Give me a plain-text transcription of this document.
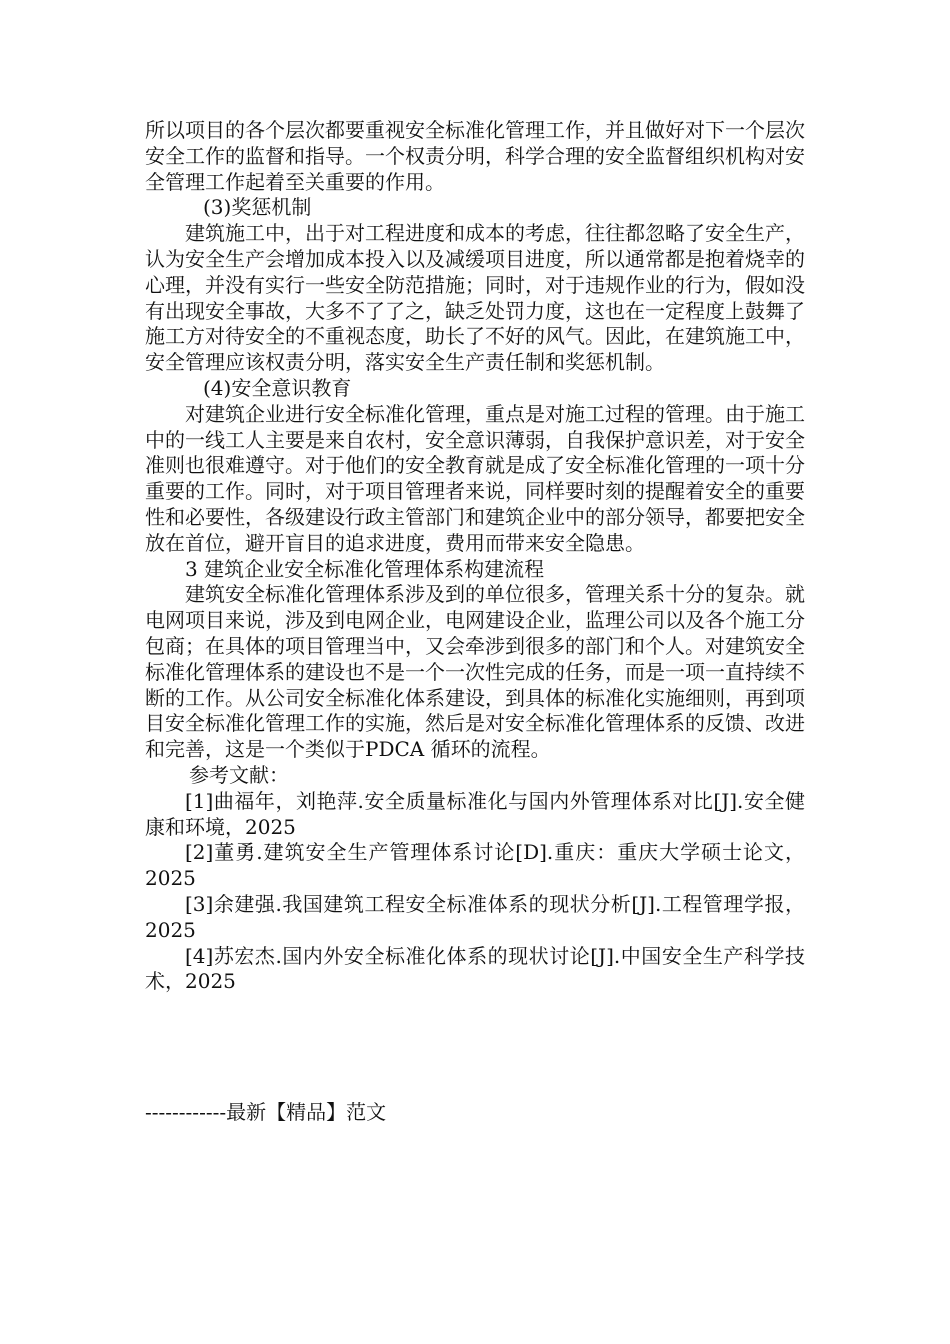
所以项目的各个层次都要重视安全标准化管理工作，并且做好对下一个层次安全工作的监督和指导。一个权责分明，科学合理的安全监督组织机构对安全管理工作起着至关重要的作用。

(3)奖惩机制

建筑施工中，出于对工程进度和成本的考虑，往往都忽略了安全生产，认为安全生产会增加成本投入以及减缓项目进度，所以通常都是抱着烧幸的心理，并没有实行一些安全防范措施；同时，对于违规作业的行为，假如没有出现安全事故，大多不了了之，缺乏处罚力度，这也在一定程度上鼓舞了施工方对待安全的不重视态度，助长了不好的风气。因此，在建筑施工中，安全管理应该权责分明，落实安全生产责任制和奖惩机制。

(4)安全意识教育

对建筑企业进行安全标准化管理，重点是对施工过程的管理。由于施工中的一线工人主要是来自农村，安全意识薄弱，自我保护意识差，对于安全准则也很难遵守。对于他们的安全教育就是成了安全标准化管理的一项十分重要的工作。同时，对于项目管理者来说，同样要时刻的提醒着安全的重要性和必要性，各级建设行政主管部门和建筑企业中的部分领导，都要把安全放在首位，避开盲目的追求进度，费用而带来安全隐患。

3 建筑企业安全标准化管理体系构建流程

建筑安全标准化管理体系涉及到的单位很多，管理关系十分的复杂。就电网项目来说，涉及到电网企业，电网建设企业，监理公司以及各个施工分包商；在具体的项目管理当中，又会牵涉到很多的部门和个人。对建筑安全标准化管理体系的建设也不是一个一次性完成的任务，而是一项一直持续不断的工作。从公司安全标准化体系建设，到具体的标准化实施细则，再到项目安全标准化管理工作的实施，然后是对安全标准化管理体系的反馈、改进和完善，这是一个类似于PDCA 循环的流程。

参考文献：

[1]曲福年，刘艳萍.安全质量标准化与国内外管理体系对比[J].安全健康和环境，2025

[2]董勇.建筑安全生产管理体系讨论[D].重庆：重庆大学硕士论文，2025

[3]余建强.我国建筑工程安全标准体系的现状分析[J].工程管理学报，2025

[4]苏宏杰.国内外安全标准化体系的现状讨论[J].中国安全生产科学技术，2025

------------最新【精品】范文
